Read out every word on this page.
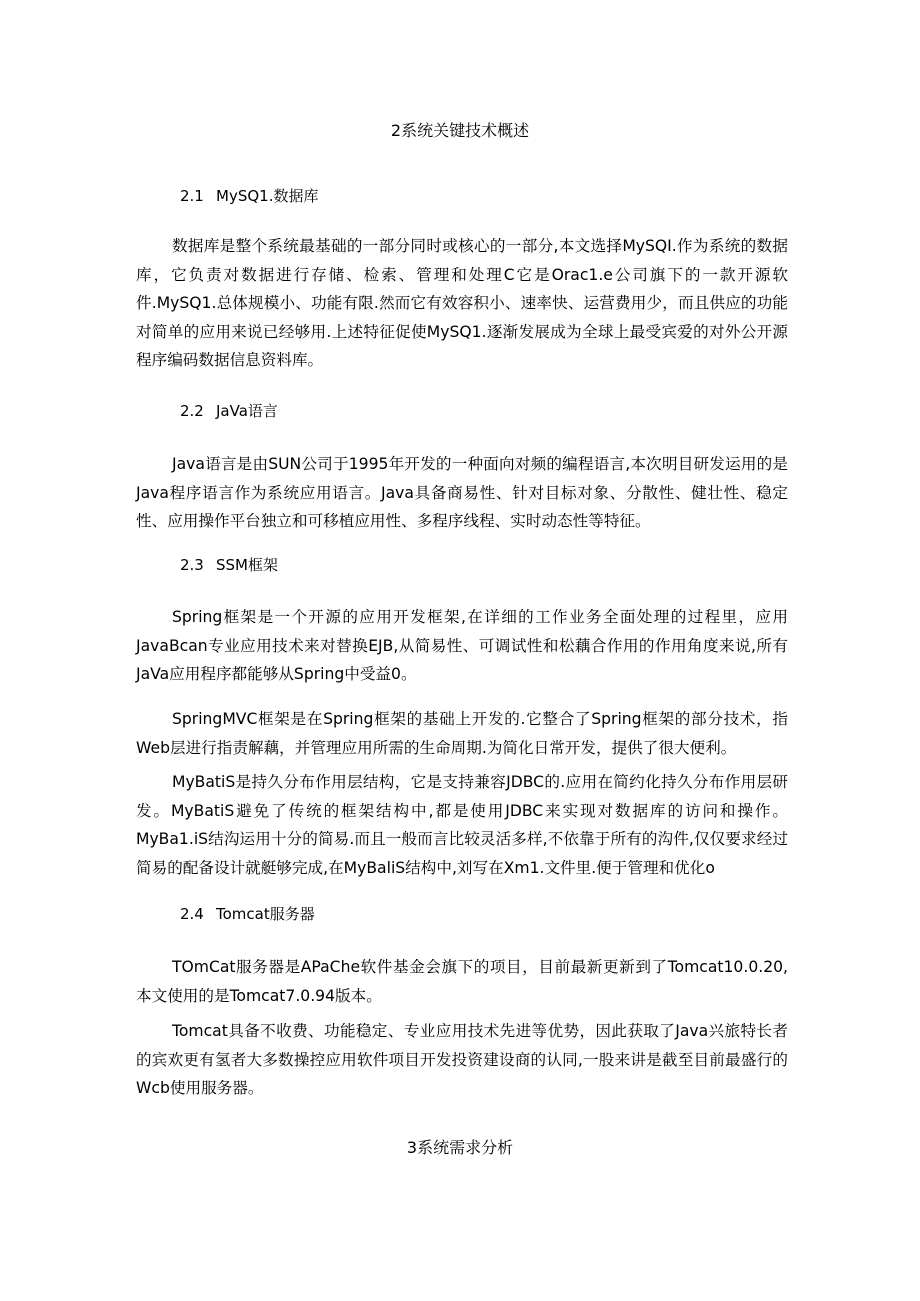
2系统关键技术概述
2.1 MySQ1.数据库

数据库是整个系统最基础的一部分同时或核心的一部分,本文选择MySQI.作为系统的数据库，它负责对数据进行存储、检索、管理和处理C它是Orac1.e公司旗下的一款开源软件.MySQ1.总体规模小、功能有限.然而它有效容积小、速率快、运营费用少，而且供应的功能对简单的应用来说已经够用.上述特征促使MySQ1.逐渐发展成为全球上最受宾爱的对外公开源程序编码数据信息资料库。

2.2 JaVa语言

Java语言是由SUN公司于1995年开发的一种面向对频的编程语言,本次明目研发运用的是Java程序语言作为系统应用语言。Java具备商易性、针对目标对象、分散性、健壮性、稳定性、应用操作平台独立和可移植应用性、多程序线程、实时动态性等特征。

2.3 SSM框架

Spring框架是一个开源的应用开发框架,在详细的工作业务全面处理的过程里，应用JavaBcan专业应用技术来对替换EJB,从简易性、可调试性和松藕合作用的作用角度来说,所有JaVa应用程序都能够从Spring中受益0。

SpringMVC框架是在Spring框架的基础上开发的.它整合了Spring框架的部分技术，指Web层进行指责解藕，并管理应用所需的生命周期.为简化日常开发，提供了很大便利。

MyBatiS是持久分布作用层结构，它是支持兼容JDBC的.应用在简约化持久分布作用层研发。MyBatiS避免了传统的框架结构中,都是使用JDBC来实现对数据库的访问和操作。MyBa1.iS结沟运用十分的简易.而且一般而言比较灵活多样,不依靠于所有的沟件,仅仅要求经过简易的配备设计就艇够完成,在MyBaliS结构中,刘写在Xm1.文件里.便于管理和优化o

2.4 Tomcat服务器

TOmCat服务器是APaChe软件基金会旗下的项目，目前最新更新到了Tomcat10.0.20,本文使用的是Tomcat7.0.94版本。

Tomcat具备不收费、功能稳定、专业应用技术先进等优势，因此获取了Java兴旅特长者的宾欢更有氢者大多数操控应用软件项目开发投资建设商的认同,一股来讲是截至目前最盛行的Wcb使用服务器。

3系统需求分析
